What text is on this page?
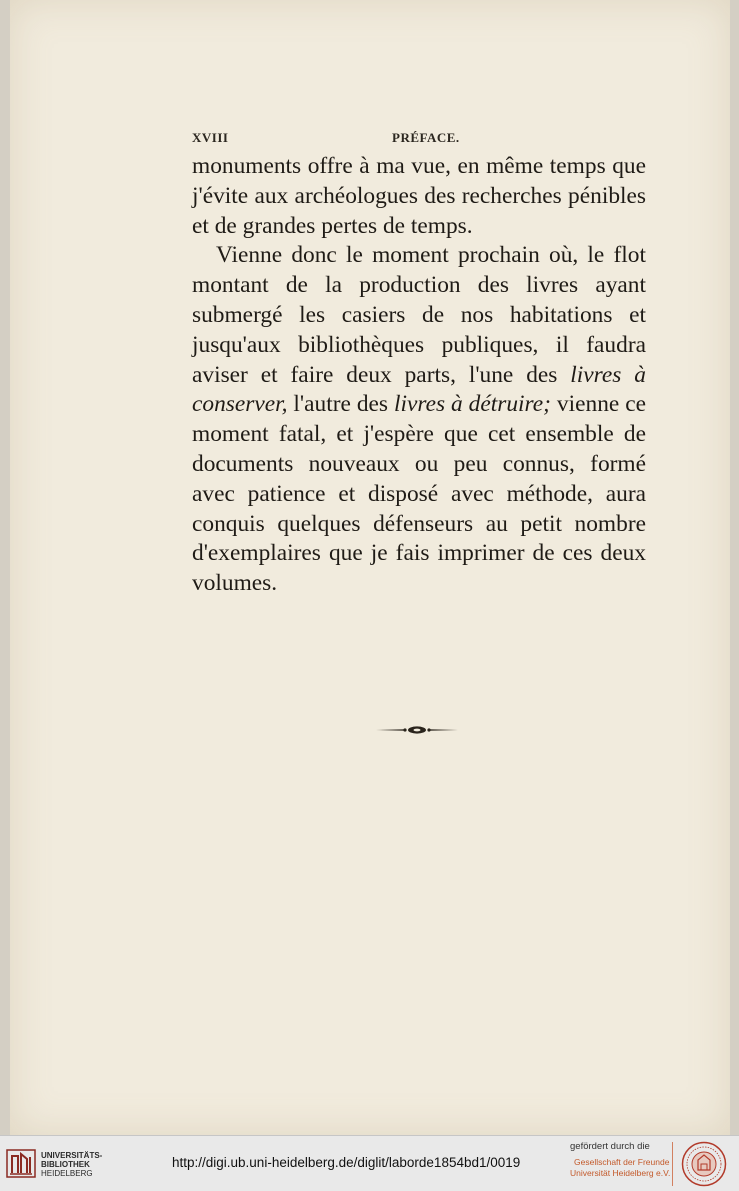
XVIII	PRÉFACE.

monuments offre à ma vue, en même temps que j'évite aux archéologues des recherches pénibles et de grandes pertes de temps.

Vienne donc le moment prochain où, le flot montant de la production des livres ayant submergé les casiers de nos habitations et jusqu'aux bibliothèques publiques, il faudra aviser et faire deux parts, l'une des livres à conserver, l'autre des livres à détruire; vienne ce moment fatal, et j'espère que cet ensemble de documents nouveaux ou peu connus, formé avec patience et disposé avec méthode, aura conquis quelques défenseurs au petit nombre d'exemplaires que je fais imprimer de ces deux volumes.

UNIVERSITÄTS-
BIBLIOTHEK
HEIDELBERG
http://digi.ub.uni-heidelberg.de/diglit/laborde1854bd1/0019
gefördert durch die
Gesellschaft der Freunde
Universität Heidelberg e.V.
